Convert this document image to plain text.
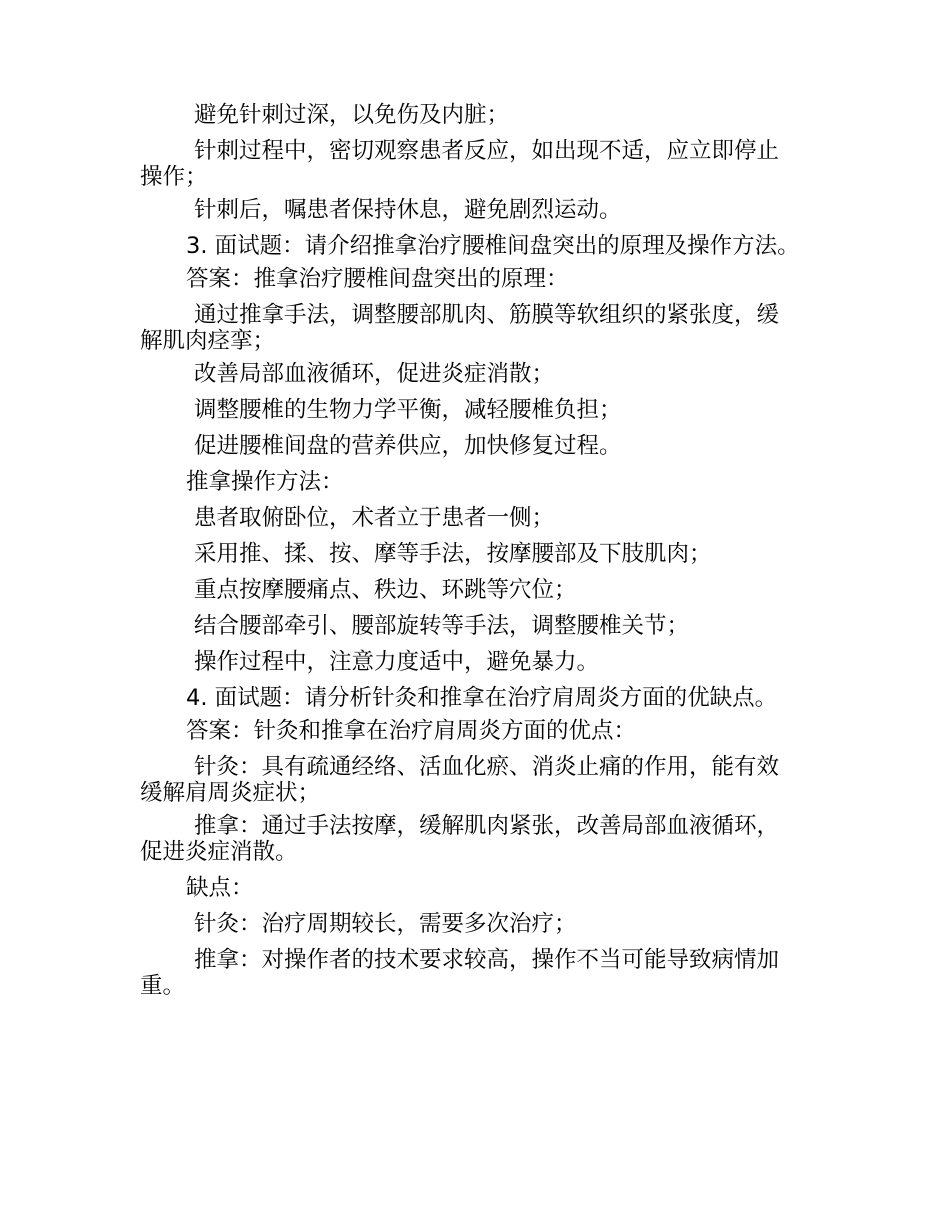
避免针刺过深，以免伤及内脏；

针刺过程中，密切观察患者反应，如出现不适，应立即停止操作；

针刺后，嘱患者保持休息，避免剧烈运动。

3. 面试题：请介绍推拿治疗腰椎间盘突出的原理及操作方法。

答案：推拿治疗腰椎间盘突出的原理：

通过推拿手法，调整腰部肌肉、筋膜等软组织的紧张度，缓解肌肉痉挛；

改善局部血液循环，促进炎症消散；

调整腰椎的生物力学平衡，减轻腰椎负担；

促进腰椎间盘的营养供应，加快修复过程。

推拿操作方法：

患者取俯卧位，术者立于患者一侧；

采用推、揉、按、摩等手法，按摩腰部及下肢肌肉；

重点按摩腰痛点、秩边、环跳等穴位；

结合腰部牵引、腰部旋转等手法，调整腰椎关节；

操作过程中，注意力度适中，避免暴力。

4. 面试题：请分析针灸和推拿在治疗肩周炎方面的优缺点。

答案：针灸和推拿在治疗肩周炎方面的优点：

针灸：具有疏通经络、活血化瘀、消炎止痛的作用，能有效缓解肩周炎症状；

推拿：通过手法按摩，缓解肌肉紧张，改善局部血液循环，促进炎症消散。

缺点：

针灸：治疗周期较长，需要多次治疗；

推拿：对操作者的技术要求较高，操作不当可能导致病情加重。
